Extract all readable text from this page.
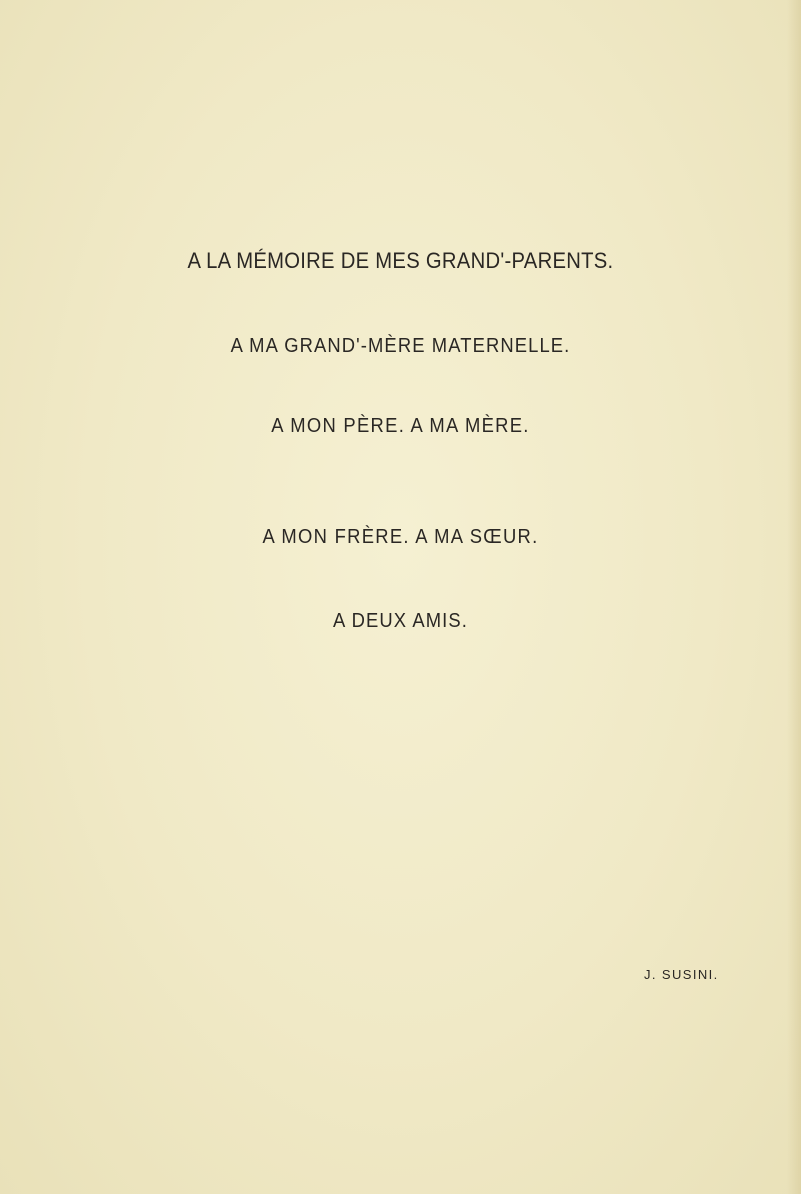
A LA MÉMOIRE DE MES GRAND'-PARENTS.
A MA GRAND'-MÈRE MATERNELLE.
A MON PÈRE. A MA MÈRE.
A MON FRÈRE. A MA SŒUR.
A DEUX AMIS.
J. SUSINI.
